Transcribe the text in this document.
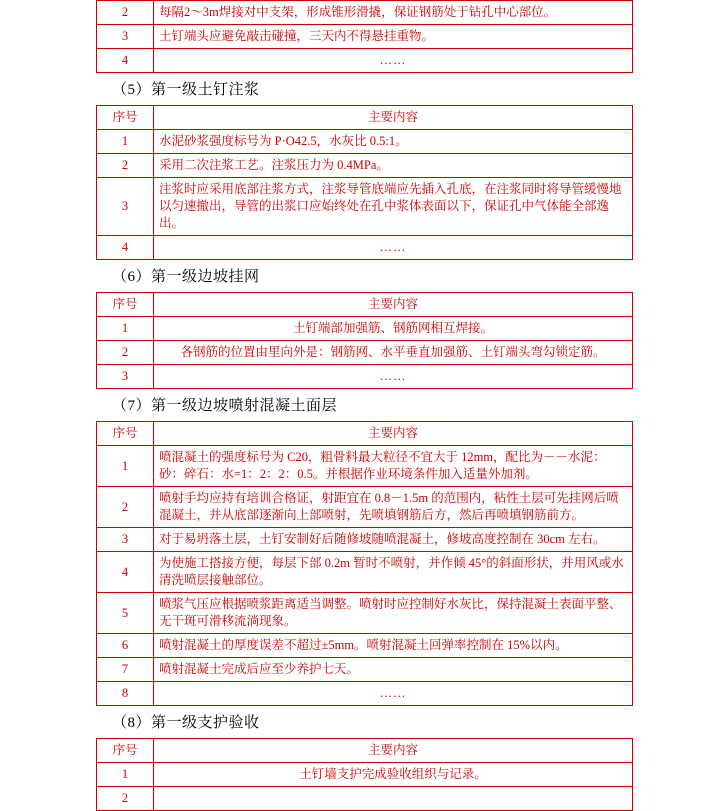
2	每隔2～3m焊接对中支架，形成锥形滑撬，保证钢筋处于钻孔中心部位。
3	土钉端头应避免敲击碰撞，三天内不得悬挂重物。
4	……
（5）第一级土钉注浆
序号	主要内容
1	水泥砂浆强度标号为 P·O42.5，水灰比 0.5:1。
2	采用二次注浆工艺。注浆压力为 0.4MPa。
3	注浆时应采用底部注浆方式，注浆导管底端应先插入孔底，在注浆同时将导管缓慢地以匀速撤出，导管的出浆口应始终处在孔中浆体表面以下，保证孔中气体能全部逸出。
4	……
（6）第一级边坡挂网
序号	主要内容
1	土钉端部加强筋、钢筋网相互焊接。
2	各钢筋的位置由里向外是：钢筋网、水平垂直加强筋、土钉端头弯勾锁定筋。
3	……
（7）第一级边坡喷射混凝土面层
序号	主要内容
1	喷混凝土的强度标号为 C20，粗骨料最大粒径不宜大于 12mm，配比为－－水泥：砂：碎石：水=1：2：2：0.5。并根据作业环境条件加入适量外加剂。
2	喷射手均应持有培训合格证，射距宜在 0.8－1.5m 的范围内，粘性土层可先挂网后喷混凝土，并从底部逐渐向上部喷射，先喷填钢筋后方，然后再喷填钢筋前方。
3	对于易坍落土层，土钉安制好后随修坡随喷混凝土，修坡高度控制在 30cm 左右。
4	为使施工搭接方便，每层下部 0.2m 暂时不喷射，并作倾 45°的斜面形状，并用风或水清洗喷层接触部位。
5	喷浆气压应根据喷浆距离适当调整。喷射时应控制好水灰比，保持混凝土表面平整、无干斑可滑移流淌现象。
6	喷射混凝土的厚度误差不超过±5mm。喷射混凝土回弹率控制在 15%以内。
7	喷射混凝土完成后应至少养护七天。
8	……
（8）第一级支护验收
序号	主要内容
1	土钉墙支护完成验收组织与记录。
2	
